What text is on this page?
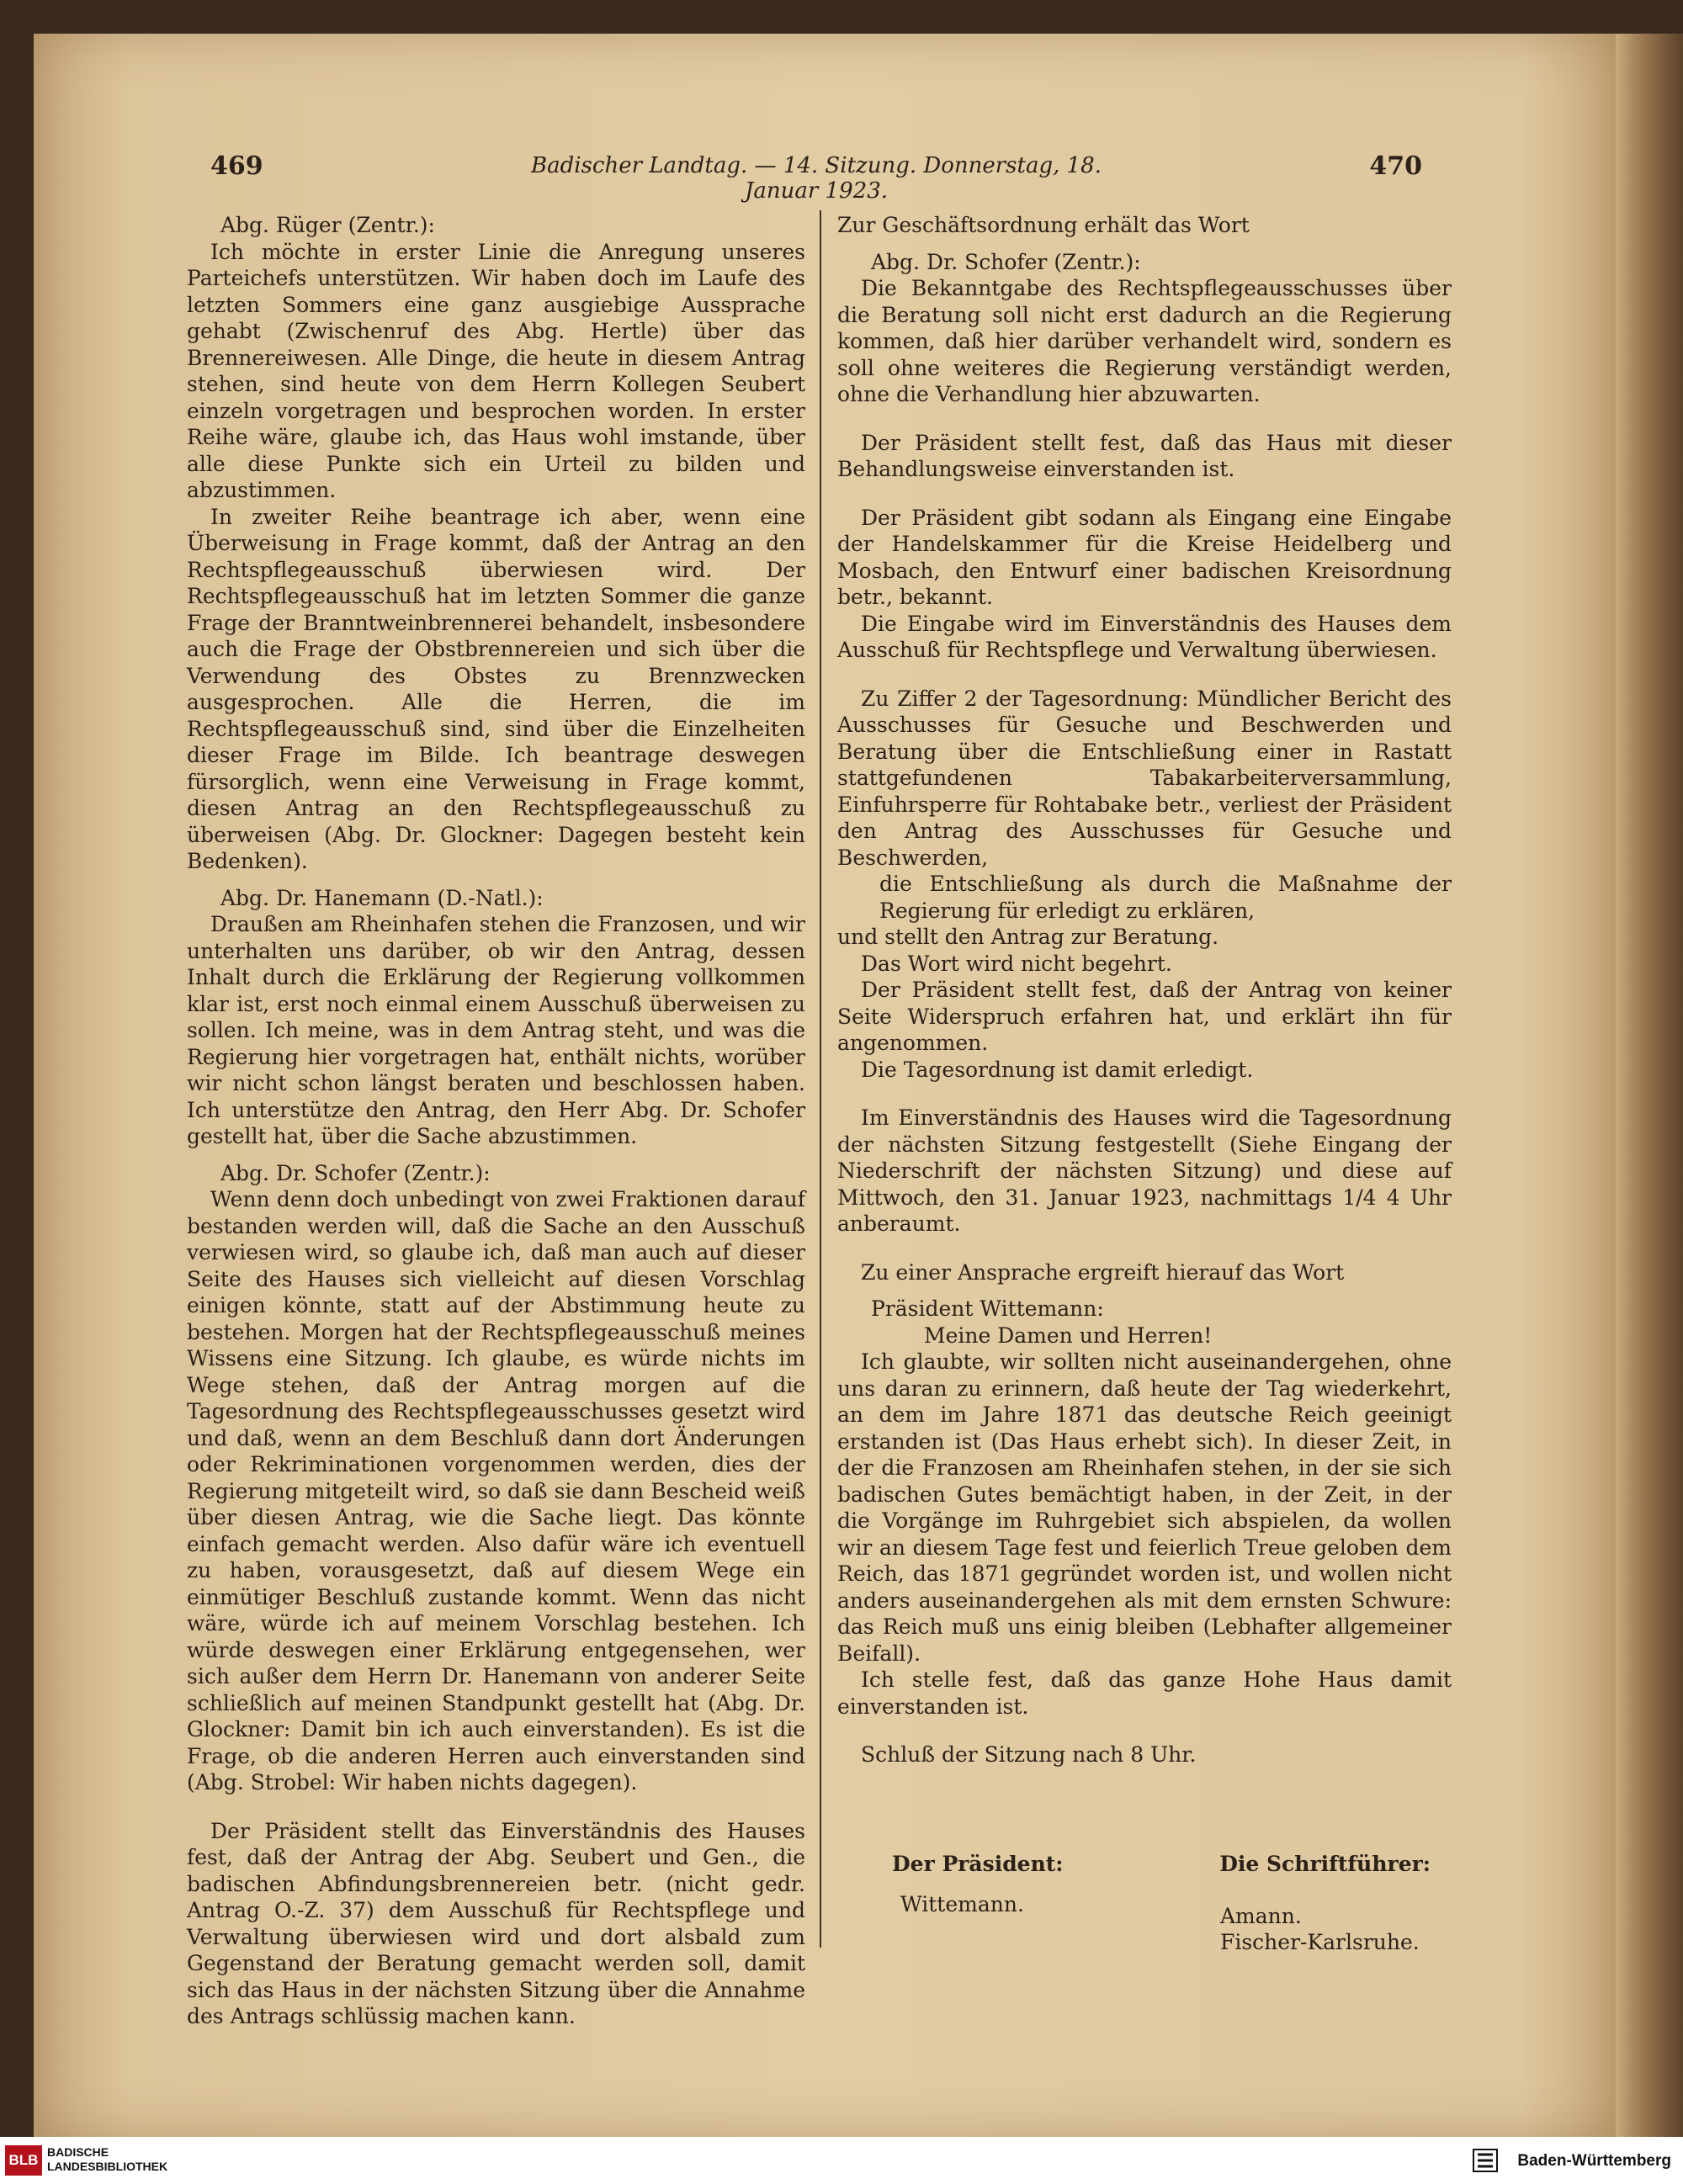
469	Badischer Landtag. — 14. Sitzung. Donnerstag, 18. Januar 1923.
470

Abg. Rüger (Zentr.):

Ich möchte in erster Linie die Anregung unseres Parteichefs unterstützen. Wir haben doch im Laufe des letzten Sommers eine ganz ausgiebige Aussprache gehabt (Zwischenruf des Abg. Hertle) über das Brennereiwesen. Alle Dinge, die heute in diesem Antrag stehen, sind heute von dem Herrn Kollegen Seubert einzeln vorgetragen und besprochen worden. In erster Reihe wäre, glaube ich, das Haus wohl imstande, über alle diese Punkte sich ein Urteil zu bilden und abzustimmen.

In zweiter Reihe beantrage ich aber, wenn eine Überweisung in Frage kommt, daß der Antrag an den Rechtspflegeausschuß überwiesen wird. Der Rechtspflegeausschuß hat im letzten Sommer die ganze Frage der Branntweinbrennerei behandelt, insbesondere auch die Frage der Obstbrennereien und sich über die Verwendung des Obstes zu Brennzwecken ausgesprochen. Alle die Herren, die im Rechtspflegeausschuß sind, sind über die Einzelheiten dieser Frage im Bilde. Ich beantrage deswegen fürsorglich, wenn eine Verweisung in Frage kommt, diesen Antrag an den Rechtspflegeausschuß zu überweisen (Abg. Dr. Glockner: Dagegen besteht kein Bedenken).

Abg. Dr. Hanemann (D.-Natl.):

Draußen am Rheinhafen stehen die Franzosen, und wir unterhalten uns darüber, ob wir den Antrag, dessen Inhalt durch die Erklärung der Regierung vollkommen klar ist, erst noch einmal einem Ausschuß überweisen zu sollen. Ich meine, was in dem Antrag steht, und was die Regierung hier vorgetragen hat, enthält nichts, worüber wir nicht schon längst beraten und beschlossen haben. Ich unterstütze den Antrag, den Herr Abg. Dr. Schofer gestellt hat, über die Sache abzustimmen.

Abg. Dr. Schofer (Zentr.):

Wenn denn doch unbedingt von zwei Fraktionen darauf bestanden werden will, daß die Sache an den Ausschuß verwiesen wird, so glaube ich, daß man auch auf dieser Seite des Hauses sich vielleicht auf diesen Vorschlag einigen könnte, statt auf der Abstimmung heute zu bestehen. Morgen hat der Rechtspflegeausschuß meines Wissens eine Sitzung. Ich glaube, es würde nichts im Wege stehen, daß der Antrag morgen auf die Tagesordnung des Rechtspflegeausschusses gesetzt wird und daß, wenn an dem Beschluß dann dort Änderungen oder Rekriminationen vorgenommen werden, dies der Regierung mitgeteilt wird, so daß sie dann Bescheid weiß über diesen Antrag, wie die Sache liegt. Das könnte einfach gemacht werden. Also dafür wäre ich eventuell zu haben, vorausgesetzt, daß auf diesem Wege ein einmütiger Beschluß zustande kommt. Wenn das nicht wäre, würde ich auf meinem Vorschlag bestehen. Ich würde deswegen einer Erklärung entgegensehen, wer sich außer dem Herrn Dr. Hanemann von anderer Seite schließlich auf meinen Standpunkt gestellt hat (Abg. Dr. Glockner: Damit bin ich auch einverstanden). Es ist die Frage, ob die anderen Herren auch einverstanden sind (Abg. Strobel: Wir haben nichts dagegen).

Der Präsident stellt das Einverständnis des Hauses fest, daß der Antrag der Abg. Seubert und Gen., die badischen Abfindungsbrennereien betr. (nicht gedr. Antrag O.-Z. 37) dem Ausschuß für Rechtspflege und Verwaltung überwiesen wird und dort alsbald zum Gegenstand der Beratung gemacht werden soll, damit sich das Haus in der nächsten Sitzung über die Annahme des Antrags schlüssig machen kann.

Zur Geschäftsordnung erhält das Wort

Abg. Dr. Schofer (Zentr.):

Die Bekanntgabe des Rechtspflegeausschusses über die Beratung soll nicht erst dadurch an die Regierung kommen, daß hier darüber verhandelt wird, sondern es soll ohne weiteres die Regierung verständigt werden, ohne die Verhandlung hier abzuwarten.

Der Präsident stellt fest, daß das Haus mit dieser Behandlungsweise einverstanden ist.

Der Präsident gibt sodann als Eingang eine Eingabe der Handelskammer für die Kreise Heidelberg und Mosbach, den Entwurf einer badischen Kreisordnung betr., bekannt.

Die Eingabe wird im Einverständnis des Hauses dem Ausschuß für Rechtspflege und Verwaltung überwiesen.

Zu Ziffer 2 der Tagesordnung: Mündlicher Bericht des Ausschusses für Gesuche und Beschwerden und Beratung über die Entschließung einer in Rastatt stattgefundenen Tabakarbeiterversammlung, Einfuhrsperre für Rohtabake betr., verliest der Präsident den Antrag des Ausschusses für Gesuche und Beschwerden,

die Entschließung als durch die Maßnahme der Regierung für erledigt zu erklären,

und stellt den Antrag zur Beratung.

Das Wort wird nicht begehrt.

Der Präsident stellt fest, daß der Antrag von keiner Seite Widerspruch erfahren hat, und erklärt ihn für angenommen.

Die Tagesordnung ist damit erledigt.

Im Einverständnis des Hauses wird die Tagesordnung der nächsten Sitzung festgestellt (Siehe Eingang der Niederschrift der nächsten Sitzung) und diese auf Mittwoch, den 31. Januar 1923, nachmittags 1/4 4 Uhr anberaumt.

Zu einer Ansprache ergreift hierauf das Wort

Präsident Wittemann:

Meine Damen und Herren!

Ich glaubte, wir sollten nicht auseinandergehen, ohne uns daran zu erinnern, daß heute der Tag wiederkehrt, an dem im Jahre 1871 das deutsche Reich geeinigt erstanden ist (Das Haus erhebt sich). In dieser Zeit, in der die Franzosen am Rheinhafen stehen, in der sie sich badischen Gutes bemächtigt haben, in der Zeit, in der die Vorgänge im Ruhrgebiet sich abspielen, da wollen wir an diesem Tage fest und feierlich Treue geloben dem Reich, das 1871 gegründet worden ist, und wollen nicht anders auseinandergehen als mit dem ernsten Schwure: das Reich muß uns einig bleiben (Lebhafter allgemeiner Beifall).

Ich stelle fest, daß das ganze Hohe Haus damit einverstanden ist.

Schluß der Sitzung nach 8 Uhr.

Der Präsident:
Wittemann.
Die Schriftführer:
Amann.
Fischer-Karlsruhe.
BLB BADISCHE
LANDESBIBLIOTHEK	Baden-Württemberg
